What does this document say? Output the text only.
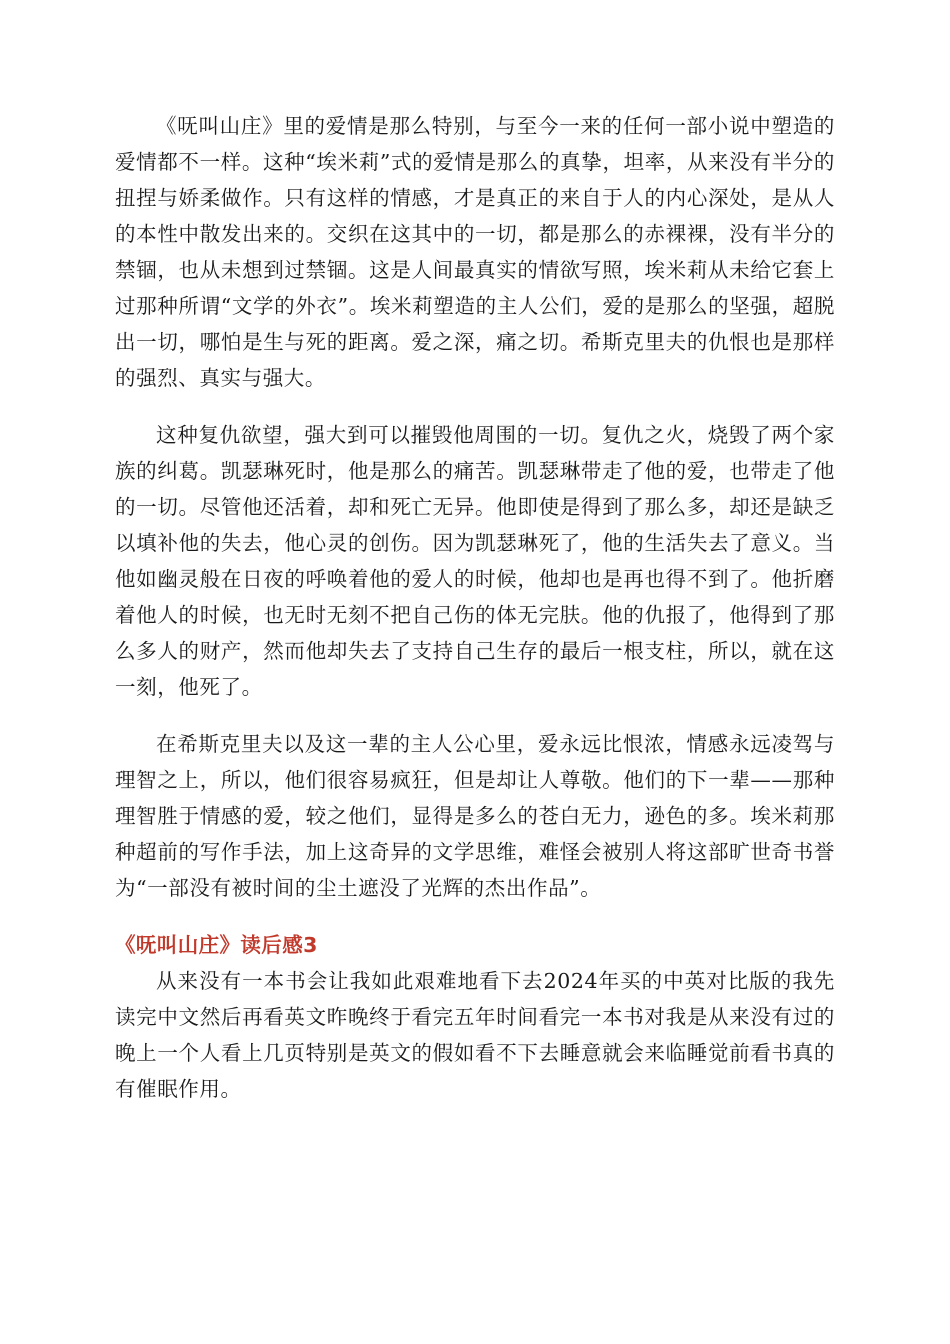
《呒叫山庄》里的爱情是那么特别，与至今一来的任何一部小说中塑造的爱情都不一样。这种“埃米莉”式的爱情是那么的真挚，坦率，从来没有半分的扭捏与娇柔做作。只有这样的情感，才是真正的来自于人的内心深处，是从人的本性中散发出来的。交织在这其中的一切，都是那么的赤裸裸，没有半分的禁锢，也从未想到过禁锢。这是人间最真实的情欲写照，埃米莉从未给它套上过那种所谓“文学的外衣”。埃米莉塑造的主人公们，爱的是那么的坚强，超脱出一切，哪怕是生与死的距离。爱之深，痛之切。希斯克里夫的仇恨也是那样的强烈、真实与强大。

这种复仇欲望，强大到可以摧毁他周围的一切。复仇之火，烧毁了两个家族的纠葛。凯瑟琳死时，他是那么的痛苦。凯瑟琳带走了他的爱，也带走了他的一切。尽管他还活着，却和死亡无异。他即使是得到了那么多，却还是缺乏以填补他的失去，他心灵的创伤。因为凯瑟琳死了，他的生活失去了意义。当他如幽灵般在日夜的呼唤着他的爱人的时候，他却也是再也得不到了。他折磨着他人的时候，也无时无刻不把自己伤的体无完肤。他的仇报了，他得到了那么多人的财产，然而他却失去了支持自己生存的最后一根支柱，所以，就在这一刻，他死了。

在希斯克里夫以及这一辈的主人公心里，爱永远比恨浓，情感永远凌驾与理智之上，所以，他们很容易疯狂，但是却让人尊敬。他们的下一辈——那种理智胜于情感的爱，较之他们，显得是多么的苍白无力，逊色的多。埃米莉那种超前的写作手法，加上这奇异的文学思维，难怪会被别人将这部旷世奇书誉为“一部没有被时间的尘土遮没了光辉的杰出作品”。

《呒叫山庄》读后感3

从来没有一本书会让我如此艰难地看下去2024年买的中英对比版的我先读完中文然后再看英文昨晚终于看完五年时间看完一本书对我是从来没有过的晚上一个人看上几页特别是英文的假如看不下去睡意就会来临睡觉前看书真的有催眠作用。
